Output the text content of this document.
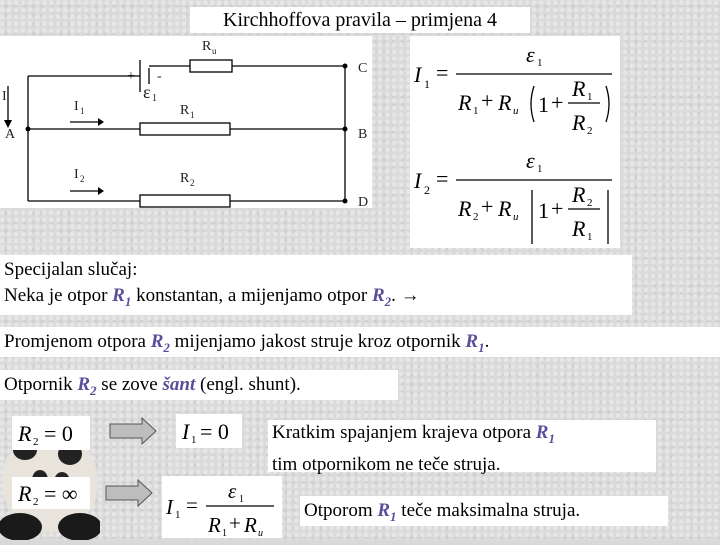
Kirchhoffova pravila – primjena 4
R u
+ -
ε 1
C
A	B
D
I
I 1
I 2
R 1
R 2
I 1 =
ε 1
R 1 + R u 1 +
R 1
R 2
I 2 =
ε 1
R 2 + R u 1 +
R 2
R 1
Specijalan slučaj:
Neka je otpor $R_1$ konstantan, a mijenjamo otpor $R_2$. →
Promjenom otpora $R_2$ mijenjamo jakost struje kroz otpornik $R_1$.
Otpornik $R_2$ se zove šant (engl. shunt).
R 2 = 0	I 1 = 0 Kratkim spajanjem krajeva otpora $R_1$
tim otpornikom ne teče struja.
R 2 = ∞
I 1 =
ε 1
R 1 + R u
Otporom $R_1$ teče maksimalna struja.
